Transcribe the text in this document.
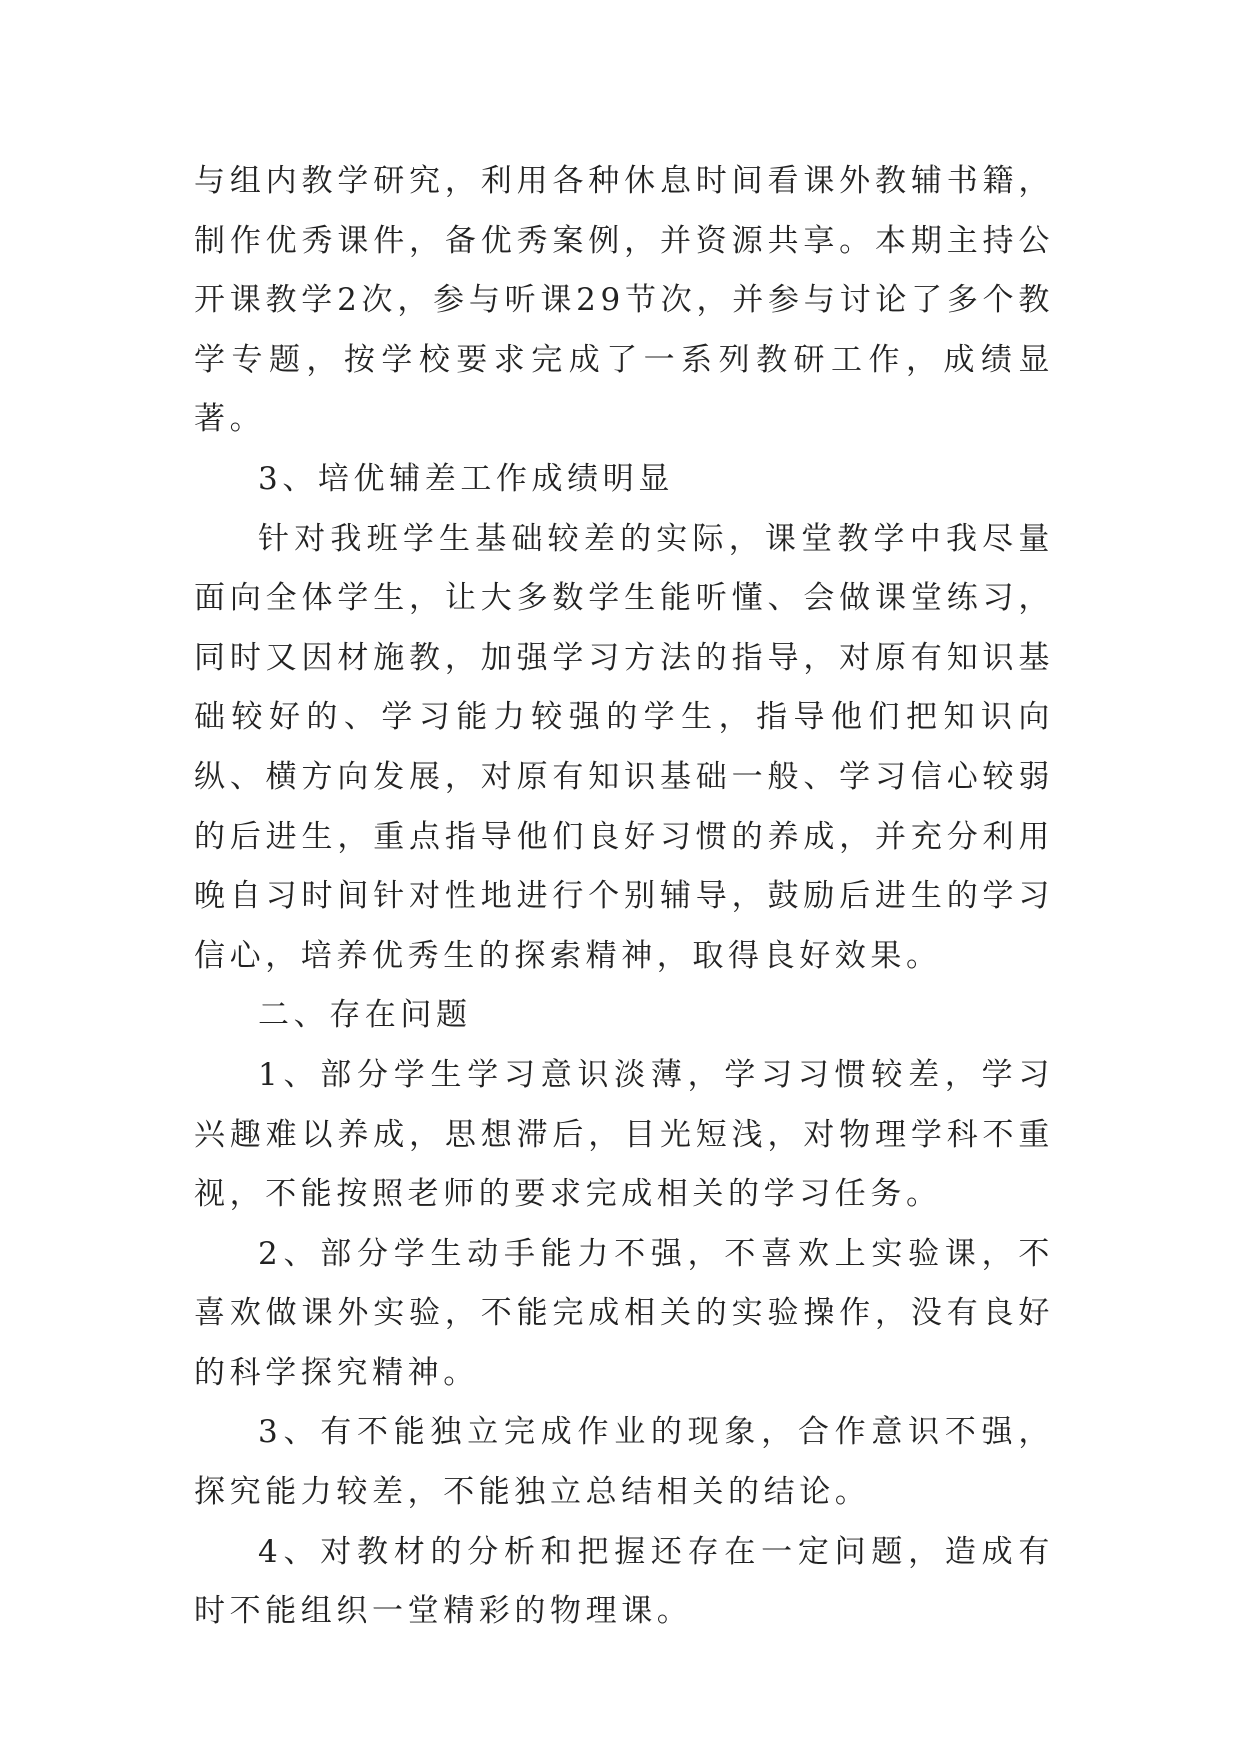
与组内教学研究，利用各种休息时间看课外教辅书籍，制作优秀课件，备优秀案例，并资源共享。本期主持公开课教学2次，参与听课29节次，并参与讨论了多个教学专题，按学校要求完成了一系列教研工作，成绩显著。

3、培优辅差工作成绩明显

针对我班学生基础较差的实际，课堂教学中我尽量面向全体学生，让大多数学生能听懂、会做课堂练习，同时又因材施教，加强学习方法的指导，对原有知识基础较好的、学习能力较强的学生，指导他们把知识向纵、横方向发展，对原有知识基础一般、学习信心较弱的后进生，重点指导他们良好习惯的养成，并充分利用晚自习时间针对性地进行个别辅导，鼓励后进生的学习信心，培养优秀生的探索精神，取得良好效果。

二、存在问题

1、部分学生学习意识淡薄，学习习惯较差，学习兴趣难以养成，思想滞后，目光短浅，对物理学科不重视，不能按照老师的要求完成相关的学习任务。

2、部分学生动手能力不强，不喜欢上实验课，不喜欢做课外实验，不能完成相关的实验操作，没有良好的科学探究精神。

3、有不能独立完成作业的现象，合作意识不强，探究能力较差，不能独立总结相关的结论。

4、对教材的分析和把握还存在一定问题，造成有时不能组织一堂精彩的物理课。
